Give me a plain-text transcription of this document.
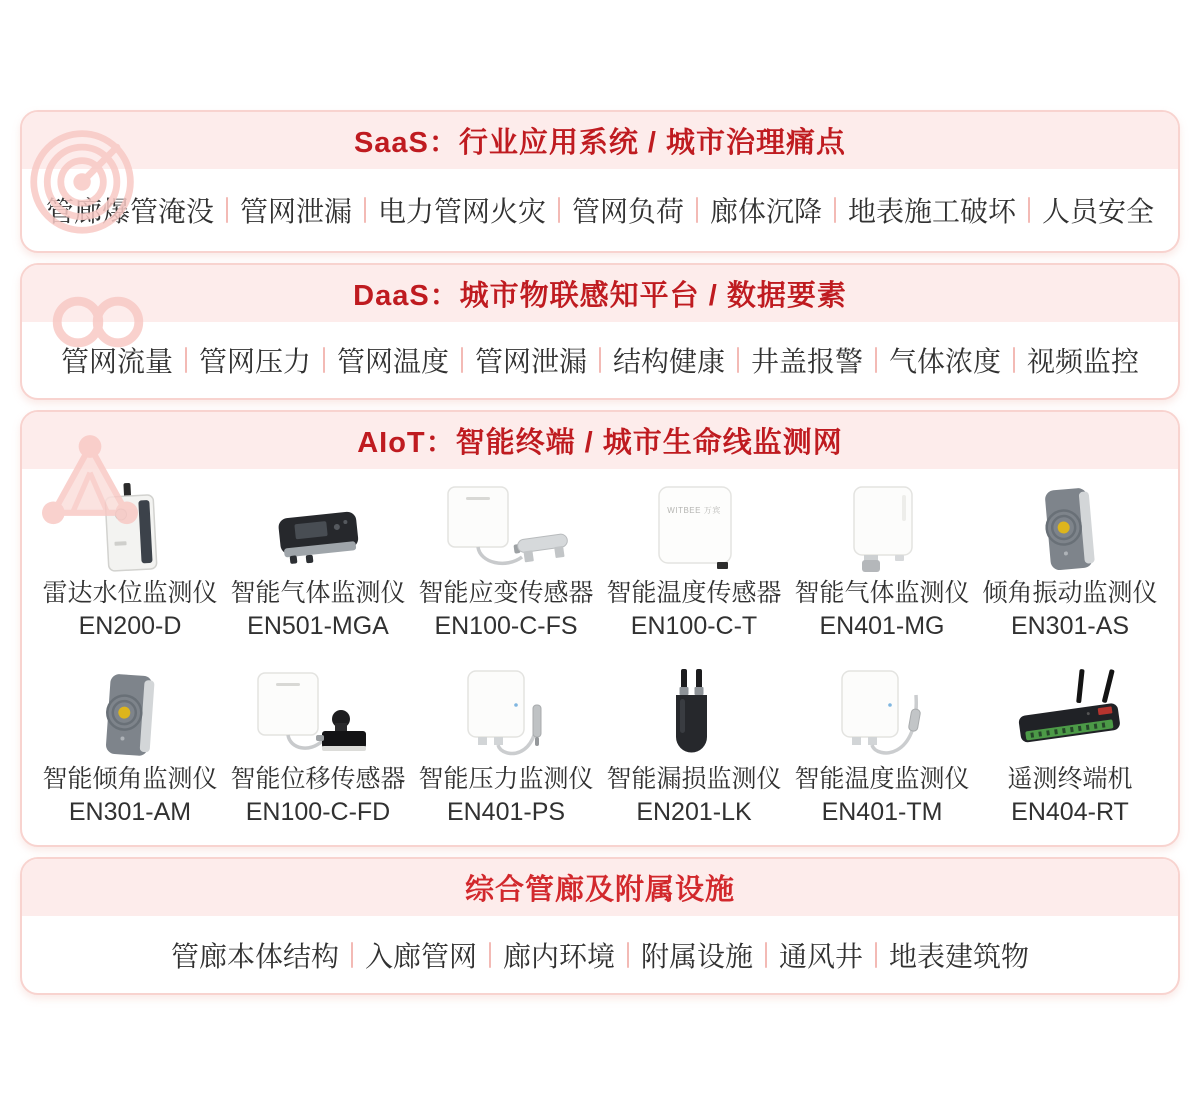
SaaS：行业应用系统 / 城市治理痛点
管廊爆管淹没 管网泄漏 电力管网火灾 管网负荷 廊体沉降 地表施工破坏 人员安全
DaaS：城市物联感知平台 / 数据要素
管网流量 管网压力 管网温度 管网泄漏 结构健康 井盖报警 气体浓度 视频监控
AIoT：智能终端 / 城市生命线监测网
雷达水位监测仪
EN200-D
智能气体监测仪
EN501-MGA
智能应变传感器
EN100-C-FS
WITBEE 万宾
智能温度传感器
EN100-C-T
智能气体监测仪
EN401-MG
倾角振动监测仪
EN301-AS
智能倾角监测仪
EN301-AM
智能位移传感器
EN100-C-FD
智能压力监测仪
EN401-PS
智能漏损监测仪
EN201-LK
智能温度监测仪
EN401-TM
遥测终端机
EN404-RT
综合管廊及附属设施
管廊本体结构 入廊管网 廊内环境 附属设施 通风井 地表建筑物
